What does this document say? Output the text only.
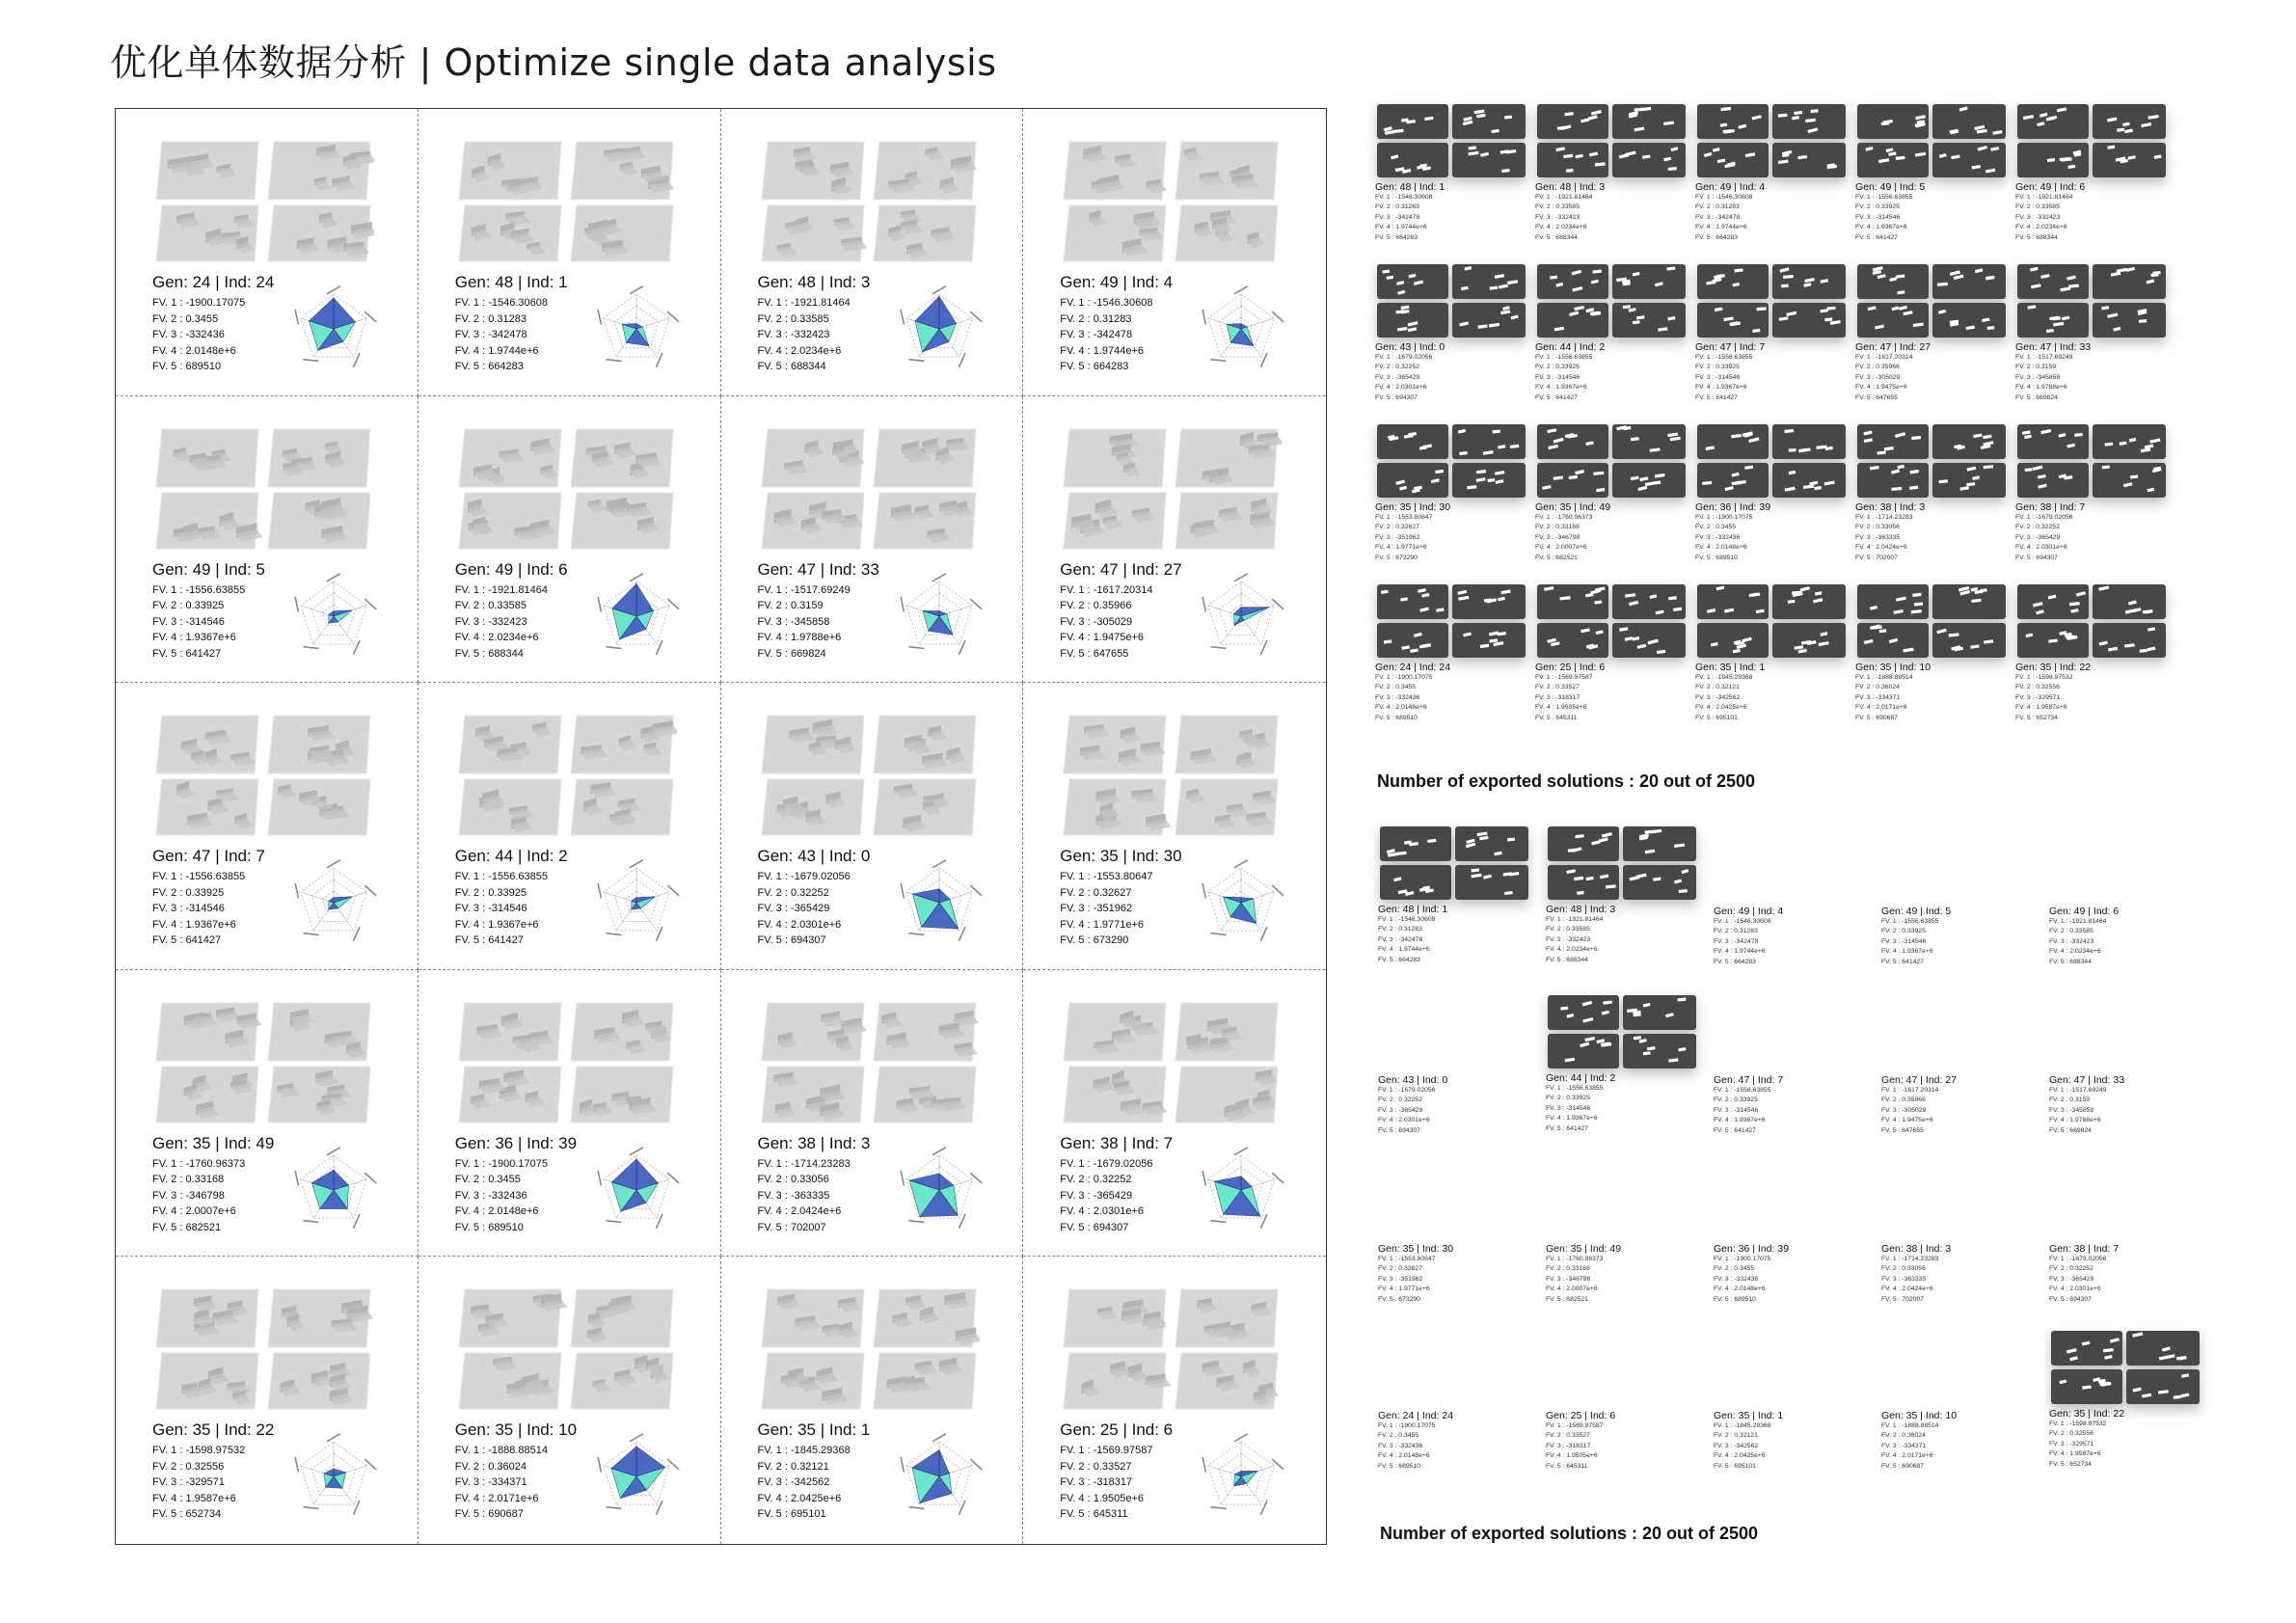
优化单体数据分析 | Optimize single data analysis
Gen: 24 | Ind: 24
FV. 1 : -1900.17075
FV. 2 : 0.3455
FV. 3 : -332436
FV. 4 : 2.0148e+6
FV. 5 : 689510
Gen: 48 | Ind: 1
FV. 1 : -1546.30608
FV. 2 : 0.31283
FV. 3 : -342478
FV. 4 : 1.9744e+6
FV. 5 : 664283
Gen: 48 | Ind: 3
FV. 1 : -1921.81464
FV. 2 : 0.33585
FV. 3 : -332423
FV. 4 : 2.0234e+6
FV. 5 : 688344
Gen: 49 | Ind: 4
FV. 1 : -1546.30608
FV. 2 : 0.31283
FV. 3 : -342478
FV. 4 : 1.9744e+6
FV. 5 : 664283
Gen: 49 | Ind: 5
FV. 1 : -1556.63855
FV. 2 : 0.33925
FV. 3 : -314546
FV. 4 : 1.9367e+6
FV. 5 : 641427
Gen: 49 | Ind: 6
FV. 1 : -1921.81464
FV. 2 : 0.33585
FV. 3 : -332423
FV. 4 : 2.0234e+6
FV. 5 : 688344
Gen: 47 | Ind: 33
FV. 1 : -1517.69249
FV. 2 : 0.3159
FV. 3 : -345858
FV. 4 : 1.9788e+6
FV. 5 : 669824
Gen: 47 | Ind: 27
FV. 1 : -1617.20314
FV. 2 : 0.35966
FV. 3 : -305029
FV. 4 : 1.9475e+6
FV. 5 : 647655
Gen: 47 | Ind: 7
FV. 1 : -1556.63855
FV. 2 : 0.33925
FV. 3 : -314546
FV. 4 : 1.9367e+6
FV. 5 : 641427
Gen: 44 | Ind: 2
FV. 1 : -1556.63855
FV. 2 : 0.33925
FV. 3 : -314546
FV. 4 : 1.9367e+6
FV. 5 : 641427
Gen: 43 | Ind: 0
FV. 1 : -1679.02056
FV. 2 : 0.32252
FV. 3 : -365429
FV. 4 : 2.0301e+6
FV. 5 : 694307
Gen: 35 | Ind: 30
FV. 1 : -1553.80647
FV. 2 : 0.32627
FV. 3 : -351962
FV. 4 : 1.9771e+6
FV. 5 : 673290
Gen: 35 | Ind: 49
FV. 1 : -1760.96373
FV. 2 : 0.33168
FV. 3 : -346798
FV. 4 : 2.0007e+6
FV. 5 : 682521
Gen: 36 | Ind: 39
FV. 1 : -1900.17075
FV. 2 : 0.3455
FV. 3 : -332436
FV. 4 : 2.0148e+6
FV. 5 : 689510
Gen: 38 | Ind: 3
FV. 1 : -1714.23283
FV. 2 : 0.33056
FV. 3 : -363335
FV. 4 : 2.0424e+6
FV. 5 : 702007
Gen: 38 | Ind: 7
FV. 1 : -1679.02056
FV. 2 : 0.32252
FV. 3 : -365429
FV. 4 : 2.0301e+6
FV. 5 : 694307
Gen: 35 | Ind: 22
FV. 1 : -1598.97532
FV. 2 : 0.32556
FV. 3 : -329571
FV. 4 : 1.9587e+6
FV. 5 : 652734
Gen: 35 | Ind: 10
FV. 1 : -1888.88514
FV. 2 : 0.36024
FV. 3 : -334371
FV. 4 : 2.0171e+6
FV. 5 : 690687
Gen: 35 | Ind: 1
FV. 1 : -1845.29368
FV. 2 : 0.32121
FV. 3 : -342562
FV. 4 : 2.0425e+6
FV. 5 : 695101
Gen: 25 | Ind: 6
FV. 1 : -1569.97587
FV. 2 : 0.33527
FV. 3 : -318317
FV. 4 : 1.9505e+6
FV. 5 : 645311
Gen: 48 | Ind: 1
FV. 1 : -1546.30608
FV. 2 : 0.31283
FV. 3 : -342478
FV. 4 : 1.9744e+6
FV. 5 : 664283
Gen: 48 | Ind: 3
FV. 1 : -1921.81464
FV. 2 : 0.33585
FV. 3 : -332423
FV. 4 : 2.0234e+6
FV. 5 : 688344
Gen: 49 | Ind: 4
FV. 1 : -1546.30608
FV. 2 : 0.31283
FV. 3 : -342478
FV. 4 : 1.9744e+6
FV. 5 : 664283
Gen: 49 | Ind: 5
FV. 1 : -1556.63855
FV. 2 : 0.33925
FV. 3 : -314546
FV. 4 : 1.9367e+6
FV. 5 : 641427
Gen: 49 | Ind: 6
FV. 1 : -1921.81464
FV. 2 : 0.33585
FV. 3 : -332423
FV. 4 : 2.0234e+6
FV. 5 : 688344
Gen: 43 | Ind: 0
FV. 1 : -1679.02056
FV. 2 : 0.32252
FV. 3 : -365429
FV. 4 : 2.0301e+6
FV. 5 : 694307
Gen: 44 | Ind: 2
FV. 1 : -1556.63855
FV. 2 : 0.33925
FV. 3 : -314546
FV. 4 : 1.9367e+6
FV. 5 : 641427
Gen: 47 | Ind: 7
FV. 1 : -1556.63855
FV. 2 : 0.33925
FV. 3 : -314546
FV. 4 : 1.9367e+6
FV. 5 : 641427
Gen: 47 | Ind: 27
FV. 1 : -1617.20314
FV. 2 : 0.35966
FV. 3 : -305029
FV. 4 : 1.9475e+6
FV. 5 : 647655
Gen: 47 | Ind: 33
FV. 1 : -1517.69249
FV. 2 : 0.3159
FV. 3 : -345858
FV. 4 : 1.9788e+6
FV. 5 : 669824
Gen: 35 | Ind: 30
FV. 1 : -1553.80647
FV. 2 : 0.32627
FV. 3 : -351962
FV. 4 : 1.9771e+6
FV. 5 : 673290
Gen: 35 | Ind: 49
FV. 1 : -1760.96373
FV. 2 : 0.33168
FV. 3 : -346798
FV. 4 : 2.0007e+6
FV. 5 : 682521
Gen: 36 | Ind: 39
FV. 1 : -1900.17075
FV. 2 : 0.3455
FV. 3 : -332436
FV. 4 : 2.0148e+6
FV. 5 : 689510
Gen: 38 | Ind: 3
FV. 1 : -1714.23283
FV. 2 : 0.33056
FV. 3 : -363335
FV. 4 : 2.0424e+6
FV. 5 : 702007
Gen: 38 | Ind: 7
FV. 1 : -1679.02056
FV. 2 : 0.32252
FV. 3 : -365429
FV. 4 : 2.0301e+6
FV. 5 : 694307
Gen: 24 | Ind: 24
FV. 1 : -1900.17075
FV. 2 : 0.3455
FV. 3 : -332436
FV. 4 : 2.0148e+6
FV. 5 : 689510
Gen: 25 | Ind: 6
FV. 1 : -1569.97587
FV. 2 : 0.33527
FV. 3 : -318317
FV. 4 : 1.9505e+6
FV. 5 : 645311
Gen: 35 | Ind: 1
FV. 1 : -1845.29368
FV. 2 : 0.32121
FV. 3 : -342562
FV. 4 : 2.0425e+6
FV. 5 : 695101
Gen: 35 | Ind: 10
FV. 1 : -1888.88514
FV. 2 : 0.36024
FV. 3 : -334371
FV. 4 : 2.0171e+6
FV. 5 : 690687
Gen: 35 | Ind: 22
FV. 1 : -1598.97532
FV. 2 : 0.32556
FV. 3 : -329571
FV. 4 : 1.9587e+6
FV. 5 : 652734
Number of exported solutions : 20 out of 2500
Gen: 48 | Ind: 1
FV. 1 : -1546.30608
FV. 2 : 0.31283
FV. 3 : -342478
FV. 4 : 1.9744e+6
FV. 5 : 664283
Gen: 48 | Ind: 3
FV. 1 : -1921.81464
FV. 2 : 0.33585
FV. 3 : -332423
FV. 4 : 2.0234e+6
FV. 5 : 688344
Gen: 49 | Ind: 4
FV. 1 : -1546.30608
FV. 2 : 0.31283
FV. 3 : -342478
FV. 4 : 1.9744e+6
FV. 5 : 664283
Gen: 49 | Ind: 5
FV. 1 : -1556.63855
FV. 2 : 0.33925
FV. 3 : -314546
FV. 4 : 1.9367e+6
FV. 5 : 641427
Gen: 49 | Ind: 6
FV. 1 : -1921.81464
FV. 2 : 0.33585
FV. 3 : -332423
FV. 4 : 2.0234e+6
FV. 5 : 688344
Gen: 43 | Ind: 0
FV. 1 : -1679.02056
FV. 2 : 0.32252
FV. 3 : -365429
FV. 4 : 2.0301e+6
FV. 5 : 694307
Gen: 44 | Ind: 2
FV. 1 : -1556.63855
FV. 2 : 0.33925
FV. 3 : -314546
FV. 4 : 1.9367e+6
FV. 5 : 641427
Gen: 47 | Ind: 7
FV. 1 : -1556.63855
FV. 2 : 0.33925
FV. 3 : -314546
FV. 4 : 1.9367e+6
FV. 5 : 641427
Gen: 47 | Ind: 27
FV. 1 : -1617.20314
FV. 2 : 0.35966
FV. 3 : -305029
FV. 4 : 1.9475e+6
FV. 5 : 647655
Gen: 47 | Ind: 33
FV. 1 : -1517.69249
FV. 2 : 0.3159
FV. 3 : -345858
FV. 4 : 1.9788e+6
FV. 5 : 669824
Gen: 35 | Ind: 30
FV. 1 : -1553.80647
FV. 2 : 0.32627
FV. 3 : -351962
FV. 4 : 1.9771e+6
FV. 5 : 673290
Gen: 35 | Ind: 49
FV. 1 : -1760.96373
FV. 2 : 0.33168
FV. 3 : -346798
FV. 4 : 2.0007e+6
FV. 5 : 682521
Gen: 36 | Ind: 39
FV. 1 : -1900.17075
FV. 2 : 0.3455
FV. 3 : -332436
FV. 4 : 2.0148e+6
FV. 5 : 689510
Gen: 38 | Ind: 3
FV. 1 : -1714.23283
FV. 2 : 0.33056
FV. 3 : -363335
FV. 4 : 2.0424e+6
FV. 5 : 702007
Gen: 38 | Ind: 7
FV. 1 : -1679.02056
FV. 2 : 0.32252
FV. 3 : -365429
FV. 4 : 2.0301e+6
FV. 5 : 694307
Gen: 24 | Ind: 24
FV. 1 : -1900.17075
FV. 2 : 0.3455
FV. 3 : -332436
FV. 4 : 2.0148e+6
FV. 5 : 689510
Gen: 25 | Ind: 6
FV. 1 : -1569.97587
FV. 2 : 0.33527
FV. 3 : -318317
FV. 4 : 1.9505e+6
FV. 5 : 645311
Gen: 35 | Ind: 1
FV. 1 : -1845.29368
FV. 2 : 0.32121
FV. 3 : -342562
FV. 4 : 2.0425e+6
FV. 5 : 695101
Gen: 35 | Ind: 10
FV. 1 : -1888.88514
FV. 2 : 0.36024
FV. 3 : -334371
FV. 4 : 2.0171e+6
FV. 5 : 690687
Gen: 35 | Ind: 22
FV. 1 : -1598.97532
FV. 2 : 0.32556
FV. 3 : -329571
FV. 4 : 1.9587e+6
FV. 5 : 652734
Number of exported solutions : 20 out of 2500
